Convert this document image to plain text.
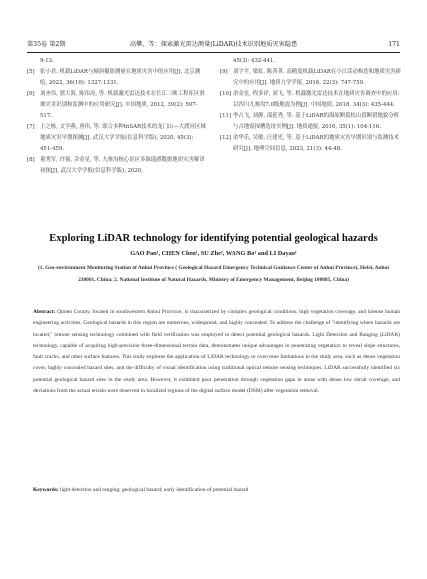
第35卷 第2期	高攀，等：探索激光雷达测量(LiDAR)技术识别地质灾害隐患	171

9-13.

[5] 张小君. 机载LiDAR与倾斜摄影测量在地质灾害中的应用[J]. 北京测绘, 2022, 36(10): 1327-1331.

[6] 刘圣伟, 郭大海, 陈伟涛, 等. 机载激光雷达技术在长江三峡工程库区滑坡灾害识别和监测中的应用研究[J]. 中国地质, 2012, 39(2): 507-517.

[7] 王之栋, 文学燕, 唐伟, 等. 联合多种InSAR技术的龙门山—大渡河区域地质灾害早期探测[J]. 武汉大学学报(信息科学版), 2020, 45(3): 451-459.

[8] 董秀军, 许强, 佘金星, 等. 九寨沟核心景区多源遥感数据地质灾害解译初探[J]. 武汉大学学报(信息科学版), 2020,

45(3): 432-441.

[9] 刘宇平, 梁虹, 陈菁菁. 高精度机载LiDAR在小江活动构造和地质灾害研究中的应用[J]. 地质力学学报, 2016, 22(3): 747-759.

[10] 余金星, 程多祥, 刘飞, 等. 机载激光雷达技术在地质灾害调查中的应用: 以四川九寨沟7.0级地震为例[J]. 中国地质, 2018, 34(3): 435-444.

[11] 李占飞, 刘静, 邵延秀, 等. 基于LiDAR的海原断裂松山段断错地貌分析与古地震探槽选址实例[J]. 地质通报, 2016, 35(1): 104-116.

[12] 余华乐, 吴敏, 汪建光, 等. 基于LiDAR的地质灾害早期识别与监测技术研究[J]. 地理空间信息, 2023, 21(3): 44-48.

Exploring LiDAR technology for identifying potential geological hazards
GAO Pan¹, CHEN Chen¹, SU Zhe², WANG Bo¹ and LI Dayao¹
(1. Geo-environment Monitoring Station of Anhui Province ( Geological Hazard Emergency Technical Guidance Center of Anhui Province), Hefei, Anhui 230001, China; 2. National Institute of Natural Hazards, Ministry of Emergency Management, Beijing 100085, China)
Abstract: Qimen County, located in southwestern Anhui Province, is characterized by complex geological conditions, high vegetation coverage, and intense human engineering activities. Geological hazards in this region are numerous, widespread, and highly concealed. To address the challenge of "identifying where hazards are located," remote sensing technology combined with field verification was employed to detect potential geological hazards. Light Detection and Ranging (LiDAR) technology, capable of acquiring high-precision three-dimensional terrain data, demonstrates unique advantages in penetrating vegetation to reveal slope structures, fault cracks, and other surface features. This study explores the application of LiDAR technology to overcome limitations in the study area, such as dense vegetation cover, highly concealed hazard sites, and the difficulty of visual identification using traditional optical remote sensing techniques. LiDAR successfully identified six potential geological hazard sites in the study area. However, it exhibited poor penetration through vegetation gaps in areas with dense low shrub coverage, and deviations from the actual terrain were observed in localized regions of the digital surface model (DSM) after vegetation removal.
Keywords: light detection and ranging; geological hazard; early identification of potential hazard
